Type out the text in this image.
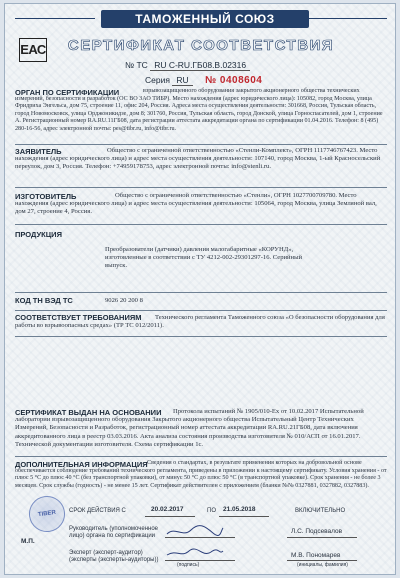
ТАМОЖЕННЫЙ СОЮЗ
ЕАС	СЕРТИФИКАТ СООТВЕТСТВИЯ
№ ТС RU С-RU.ГБ08.В.02316
Серия RU № 0408604
ОРГАН ПО СЕРТИФИКАЦИИ	взрывозащищенного оборудования закрытого акционерного общества технических измерений, безопасности и разработок (ОС ВО ЗАО ТИБР). Место нахождения (адрес юридического лица): 105082, город Москва, улица Фридриха Энгельса, дом 75, строение 11, офис 204, Россия. Адреса места осуществления деятельности: 301668, Россия, Тульская область, город Новомосковск, улица Орджоникидзе, дом 8; 301760, Россия, Тульская область, город Донской, улица Горноспасателей, дом 1, строение А. Регистрационный номер RA.RU.11ГБ08, дата регистрации аттестата аккредитации органа по сертификации 01.04.2016. Телефон: 8 (495) 280-16-56, адрес электронной почты: pes@tibr.ru, info@tibr.ru.

ЗАЯВИТЕЛЬ	Общество с ограниченной ответственностью «Стенли-Комплект», ОГРН 1117746767423. Место нахождения (адрес юридического лица) и адрес места осуществления деятельности: 107140, город Москва, 1-ый Красносельский переулок, дом 3, Россия. Телефон: +74959178753, адрес электронной почты: info@stenli.ru.

ИЗГОТОВИТЕЛЬ	Общество с ограниченной ответственностью «Стенли», ОГРН 1027700709780. Место нахождения (адрес юридического лица) и адрес места осуществления деятельности: 105064, город Москва, улица Земляной вал, дом 27, строение 4, Россия.

ПРОДУКЦИЯ

Преобразователи (датчики) давления малогабаритные «КОРУНД», изготовленные в соответствии с ТУ 4212-002-29301297-16. Серийный выпуск.

КОД ТН ВЭД ТС	9026 20 200 8
СООТВЕТСТВУЕТ ТРЕБОВАНИЯМ	Технического регламента Таможенного союза «О безопасности оборудования для работы во взрывоопасных средах» (ТР ТС 012/2011).

СЕРТИФИКАТ ВЫДАН НА ОСНОВАНИИ	Протокола испытаний № 1905/010-Ех от 10.02.2017 Испытательной лаборатории взрывозащищенного оборудования Закрытого акционерного общества Испытательный Центр Технических Измерений, Безопасности и Разработок, регистрационный номер аттестата аккредитации RA.RU.21ГБ08, дата включения аккредитованного лица в реестр 03.03.2016. Акта анализа состояния производства изготовителя № 010/АСП от 16.01.2017. Технической документации изготовителя. Схема сертификации 1с.

ДОПОЛНИТЕЛЬНАЯ ИНФОРМАЦИЯ Сведения о стандартах, в результате применения которых на добровольной основе обеспечивается соблюдение требований технического регламента, приведены в приложении к настоящему сертификату. Условия хранения - от плюс 5 °С до плюс 40 °С (без транспортной упаковки), от минус 50 °С до плюс 50 °С (в транспортной упаковке). Срок хранения - не более 3 месяцев. Срок службы (годность) - не менее 15 лет. Сертификат действителен с приложением (бланки №№ 0327881, 0327882, 0327883).

TIBER	СРОК ДЕЙСТВИЯ С	20.02.2017	ПО 21.05.2018	ВКЛЮЧИТЕЛЬНО
Руководитель (уполномоченное лицо) органа по сертификации
Л.С. Подсевалов
М.П.
Эксперт (эксперт-аудитор) (эксперты (эксперты-аудиторы))
М.В. Пономарев
(подпись)	(инициалы, фамилия)
